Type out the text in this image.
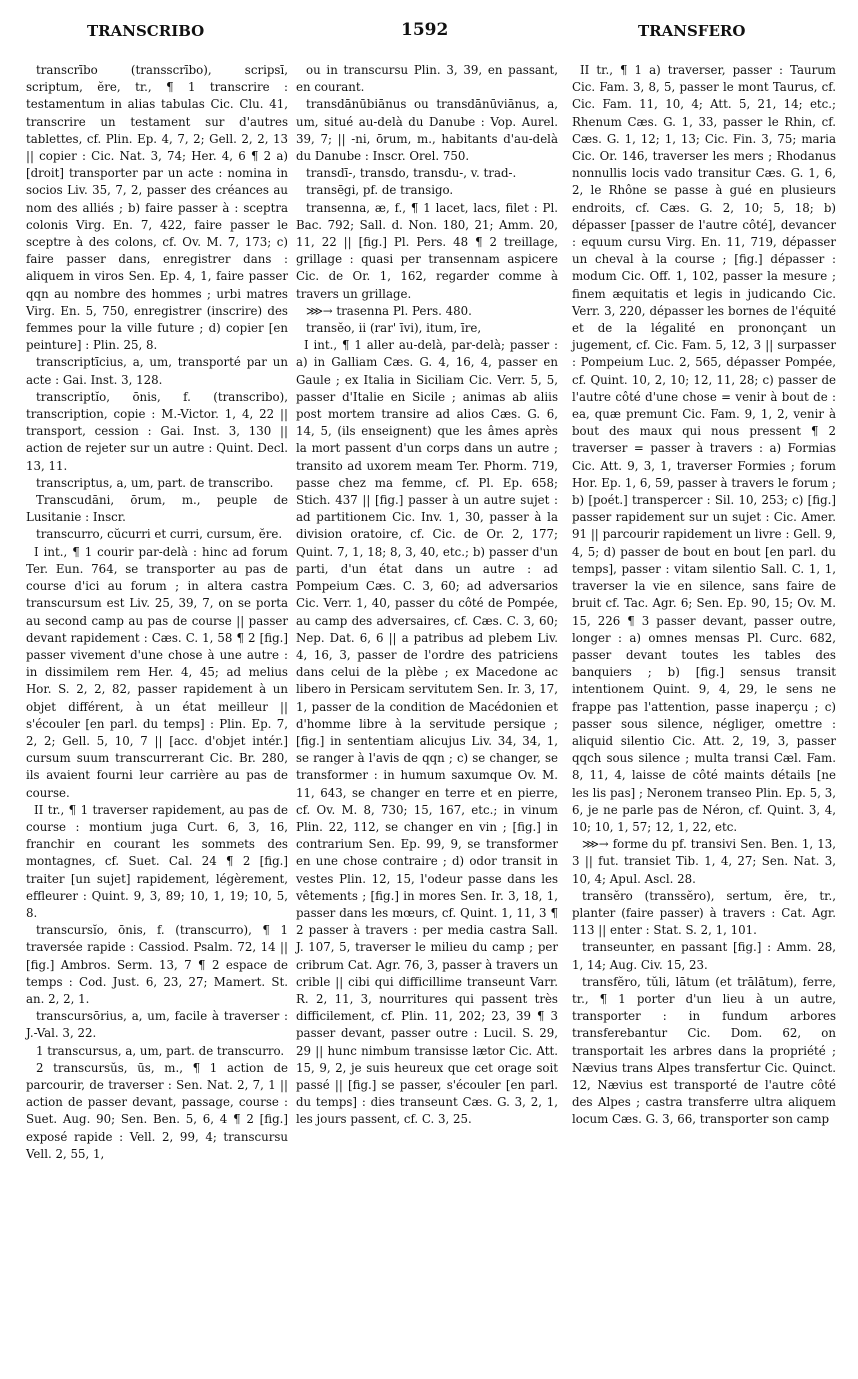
TRANSCRIBO	1592	TRANSFERO

transcrībo (transscrībo), scripsī, scriptum, ĕre, tr., ¶ 1 transcrire : testamentum in alias tabulas Cic. Clu. 41, transcrire un testament sur d'autres tablettes, cf. Plin. Ep. 4, 7, 2; Gell. 2, 2, 13 || copier : Cic. Nat. 3, 74; Her. 4, 6 ¶ 2 a) [droit] transporter par un acte : nomina in socios Liv. 35, 7, 2, passer des créances au nom des alliés ; b) faire passer à : sceptra colonis Virg. En. 7, 422, faire passer le sceptre à des colons, cf. Ov. M. 7, 173; c) faire passer dans, enregistrer dans : aliquem in viros Sen. Ep. 4, 1, faire passer qqn au nombre des hommes ; urbi matres Virg. En. 5, 750, enregistrer (inscrire) des femmes pour la ville future ; d) copier [en peinture] : Plin. 25, 8.

transcriptīcius, a, um, transporté par un acte : Gai. Inst. 3, 128.

transcriptĭo, ōnis, f. (transcribo), transcription, copie : M.-Victor. 1, 4, 22 || transport, cession : Gai. Inst. 3, 130 || action de rejeter sur un autre : Quint. Decl. 13, 11.

transcriptus, a, um, part. de transcribo.

Transcudāni, ōrum, m., peuple de Lusitanie : Inscr.

transcurro, cŭcurri et curri, cursum, ĕre.

I int., ¶ 1 courir par-delà : hinc ad forum Ter. Eun. 764, se transporter au pas de course d'ici au forum ; in altera castra transcursum est Liv. 25, 39, 7, on se porta au second camp au pas de course || passer devant rapidement : Cæs. C. 1, 58 ¶ 2 [fig.] passer vivement d'une chose à une autre : in dissimilem rem Her. 4, 45; ad melius Hor. S. 2, 2, 82, passer rapidement à un objet différent, à un état meilleur || s'écouler [en parl. du temps] : Plin. Ep. 7, 2, 2; Gell. 5, 10, 7 || [acc. d'objet intér.] cursum suum transcurrerant Cic. Br. 280, ils avaient fourni leur carrière au pas de course.

II tr., ¶ 1 traverser rapidement, au pas de course : montium juga Curt. 6, 3, 16, franchir en courant les sommets des montagnes, cf. Suet. Cal. 24 ¶ 2 [fig.] traiter [un sujet] rapidement, légèrement, effleurer : Quint. 9, 3, 89; 10, 1, 19; 10, 5, 8.

transcursĭo, ōnis, f. (transcurro), ¶ 1 traversée rapide : Cassiod. Psalm. 72, 14 || [fig.] Ambros. Serm. 13, 7 ¶ 2 espace de temps : Cod. Just. 6, 23, 27; Mamert. St. an. 2, 2, 1.

transcursōrius, a, um, facile à traverser : J.-Val. 3, 22.

1 transcursus, a, um, part. de transcurro.

2 transcursŭs, ūs, m., ¶ 1 action de parcourir, de traverser : Sen. Nat. 2, 7, 1 || action de passer devant, passage, course : Suet. Aug. 90; Sen. Ben. 5, 6, 4 ¶ 2 [fig.] exposé rapide : Vell. 2, 99, 4; transcursu Vell. 2, 55, 1,

ou in transcursu Plin. 3, 39, en passant, en courant.

transdānūbiānus ou transdānūviānus, a, um, situé au-delà du Danube : Vop. Aurel. 39, 7; || -ni, ōrum, m., habitants d'au-delà du Danube : Inscr. Orel. 750.

transdī-, transdo, transdu-, v. trad-.

transēgi, pf. de transigo.

transenna, æ, f., ¶ 1 lacet, lacs, filet : Pl. Bac. 792; Sall. d. Non. 180, 21; Amm. 20, 11, 22 || [fig.] Pl. Pers. 48 ¶ 2 treillage, grillage : quasi per transennam aspicere Cic. de Or. 1, 162, regarder comme à travers un grillage.

⋙→ trasenna Pl. Pers. 480.

transĕo, ii (rar' īvi), itum, īre,

I int., ¶ 1 aller au-delà, par-delà; passer : a) in Galliam Cæs. G. 4, 16, 4, passer en Gaule ; ex Italia in Siciliam Cic. Verr. 5, 5, passer d'Italie en Sicile ; animas ab aliis post mortem transire ad alios Cæs. G. 6, 14, 5, (ils enseignent) que les âmes après la mort passent d'un corps dans un autre ; transito ad uxorem meam Ter. Phorm. 719, passe chez ma femme, cf. Pl. Ep. 658; Stich. 437 || [fig.] passer à un autre sujet : ad partitionem Cic. Inv. 1, 30, passer à la division oratoire, cf. Cic. de Or. 2, 177; Quint. 7, 1, 18; 8, 3, 40, etc.; b) passer d'un parti, d'un état dans un autre : ad Pompeium Cæs. C. 3, 60; ad adversarios Cic. Verr. 1, 40, passer du côté de Pompée, au camp des adversaires, cf. Cæs. C. 3, 60; Nep. Dat. 6, 6 || a patribus ad plebem Liv. 4, 16, 3, passer de l'ordre des patriciens dans celui de la plèbe ; ex Macedone ac libero in Persicam servitutem Sen. Ir. 3, 17, 1, passer de la condition de Macédonien et d'homme libre à la servitude persique ; [fig.] in sententiam alicujus Liv. 34, 34, 1, se ranger à l'avis de qqn ; c) se changer, se transformer : in humum saxumque Ov. M. 11, 643, se changer en terre et en pierre, cf. Ov. M. 8, 730; 15, 167, etc.; in vinum Plin. 22, 112, se changer en vin ; [fig.] in contrarium Sen. Ep. 99, 9, se transformer en une chose contraire ; d) odor transit in vestes Plin. 12, 15, l'odeur passe dans les vêtements ; [fig.] in mores Sen. Ir. 3, 18, 1, passer dans les mœurs, cf. Quint. 1, 11, 3 ¶ 2 passer à travers : per media castra Sall. J. 107, 5, traverser le milieu du camp ; per cribrum Cat. Agr. 76, 3, passer à travers un crible || cibi qui difficillime transeunt Varr. R. 2, 11, 3, nourritures qui passent très difficilement, cf. Plin. 11, 202; 23, 39 ¶ 3 passer devant, passer outre : Lucil. S. 29, 29 || hunc nimbum transisse lætor Cic. Att. 15, 9, 2, je suis heureux que cet orage soit passé || [fig.] se passer, s'écouler [en parl. du temps] : dies transeunt Cæs. G. 3, 2, 1, les jours passent, cf. C. 3, 25.

II tr., ¶ 1 a) traverser, passer : Taurum Cic. Fam. 3, 8, 5, passer le mont Taurus, cf. Cic. Fam. 11, 10, 4; Att. 5, 21, 14; etc.; Rhenum Cæs. G. 1, 33, passer le Rhin, cf. Cæs. G. 1, 12; 1, 13; Cic. Fin. 3, 75; maria Cic. Or. 146, traverser les mers ; Rhodanus nonnullis locis vado transitur Cæs. G. 1, 6, 2, le Rhône se passe à gué en plusieurs endroits, cf. Cæs. G. 2, 10; 5, 18; b) dépasser [passer de l'autre côté], devancer : equum cursu Virg. En. 11, 719, dépasser un cheval à la course ; [fig.] dépasser : modum Cic. Off. 1, 102, passer la mesure ; finem æquitatis et legis in judicando Cic. Verr. 3, 220, dépasser les bornes de l'équité et de la légalité en prononçant un jugement, cf. Cic. Fam. 5, 12, 3 || surpasser : Pompeium Luc. 2, 565, dépasser Pompée, cf. Quint. 10, 2, 10; 12, 11, 28; c) passer de l'autre côté d'une chose = venir à bout de : ea, quæ premunt Cic. Fam. 9, 1, 2, venir à bout des maux qui nous pressent ¶ 2 traverser = passer à travers : a) Formias Cic. Att. 9, 3, 1, traverser Formies ; forum Hor. Ep. 1, 6, 59, passer à travers le forum ; b) [poét.] transpercer : Sil. 10, 253; c) [fig.] passer rapidement sur un sujet : Cic. Amer. 91 || parcourir rapidement un livre : Gell. 9, 4, 5; d) passer de bout en bout [en parl. du temps], passer : vitam silentio Sall. C. 1, 1, traverser la vie en silence, sans faire de bruit cf. Tac. Agr. 6; Sen. Ep. 90, 15; Ov. M. 15, 226 ¶ 3 passer devant, passer outre, longer : a) omnes mensas Pl. Curc. 682, passer devant toutes les tables des banquiers ; b) [fig.] sensus transit intentionem Quint. 9, 4, 29, le sens ne frappe pas l'attention, passe inaperçu ; c) passer sous silence, négliger, omettre : aliquid silentio Cic. Att. 2, 19, 3, passer qqch sous silence ; multa transi Cæl. Fam. 8, 11, 4, laisse de côté maints détails [ne les lis pas] ; Neronem transeo Plin. Ep. 5, 3, 6, je ne parle pas de Néron, cf. Quint. 3, 4, 10; 10, 1, 57; 12, 1, 22, etc.

⋙→ forme du pf. transivi Sen. Ben. 1, 13, 3 || fut. transiet Tib. 1, 4, 27; Sen. Nat. 3, 10, 4; Apul. Ascl. 28.

transĕro (transsĕro), sertum, ĕre, tr., planter (faire passer) à travers : Cat. Agr. 113 || enter : Stat. S. 2, 1, 101.

transeunter, en passant [fig.] : Amm. 28, 1, 14; Aug. Civ. 15, 23.

transfĕro, tŭli, lātum (et trālātum), ferre, tr., ¶ 1 porter d'un lieu à un autre, transporter : in fundum arbores transferebantur Cic. Dom. 62, on transportait les arbres dans la propriété ; Nævius trans Alpes transfertur Cic. Quinct. 12, Nævius est transporté de l'autre côté des Alpes ; castra transferre ultra aliquem locum Cæs. G. 3, 66, transporter son camp
